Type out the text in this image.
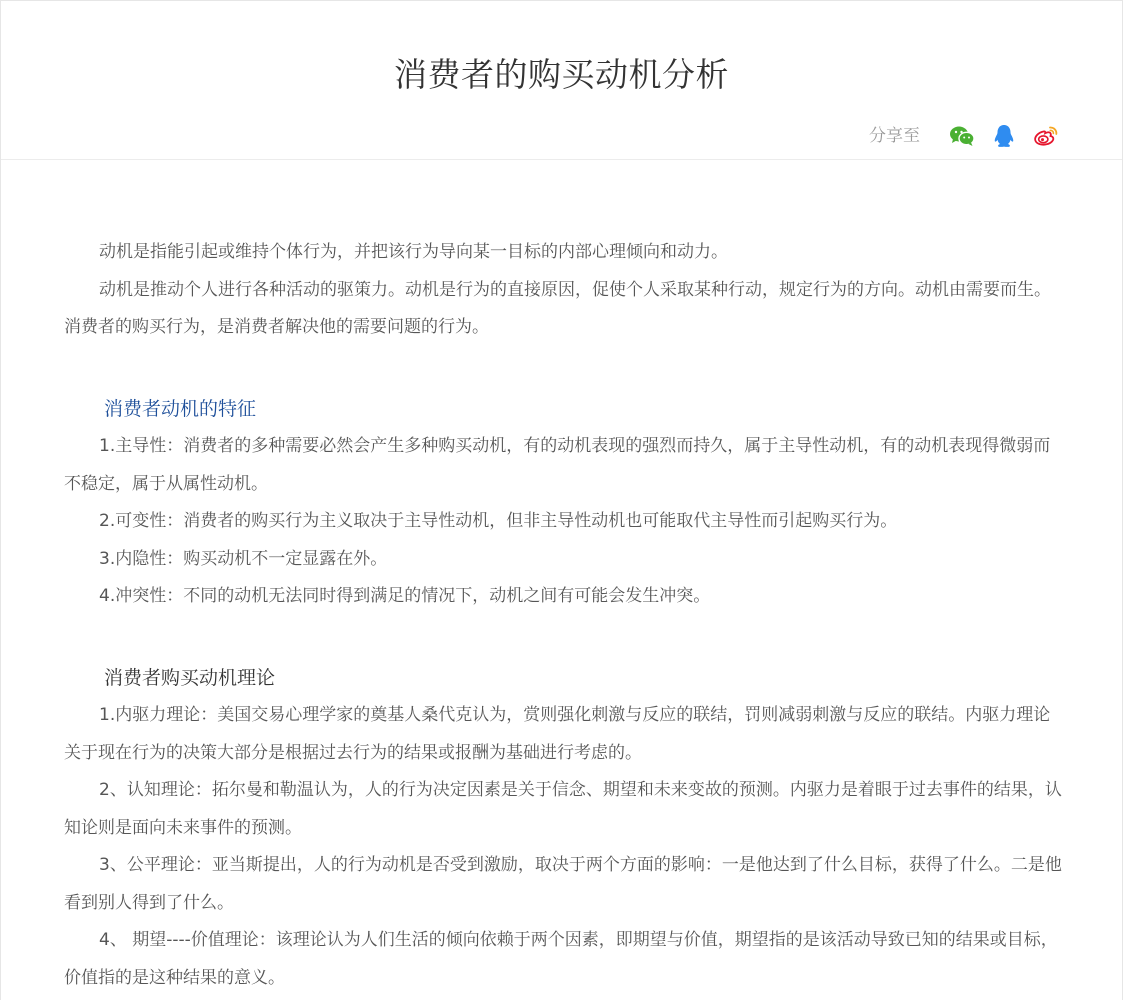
消费者的购买动机分析
分享至

动机是指能引起或维持个体行为，并把该行为导向某一目标的内部心理倾向和动力。

动机是推动个人进行各种活动的驱策力。动机是行为的直接原因，促使个人采取某种行动，规定行为的方向。动机由需要而生。消费者的购买行为，是消费者解决他的需要问题的行为。

消费者动机的特征

1.主导性：消费者的多种需要必然会产生多种购买动机，有的动机表现的强烈而持久，属于主导性动机，有的动机表现得微弱而不稳定，属于从属性动机。

2.可变性：消费者的购买行为主义取决于主导性动机，但非主导性动机也可能取代主导性而引起购买行为。

3.内隐性：购买动机不一定显露在外。

4.冲突性：不同的动机无法同时得到满足的情况下，动机之间有可能会发生冲突。

消费者购买动机理论

1.内驱力理论：美国交易心理学家的奠基人桑代克认为，赏则强化刺激与反应的联结，罚则减弱刺激与反应的联结。内驱力理论关于现在行为的决策大部分是根据过去行为的结果或报酬为基础进行考虑的。

2、认知理论：拓尔曼和勒温认为，人的行为决定因素是关于信念、期望和未来变故的预测。内驱力是着眼于过去事件的结果，认知论则是面向未来事件的预测。

3、公平理论：亚当斯提出，人的行为动机是否受到激励，取决于两个方面的影响：一是他达到了什么目标，获得了什么。二是他看到别人得到了什么。

4、 期望----价值理论：该理论认为人们生活的倾向依赖于两个因素，即期望与价值，期望指的是该活动导致已知的结果或目标，价值指的是这种结果的意义。
